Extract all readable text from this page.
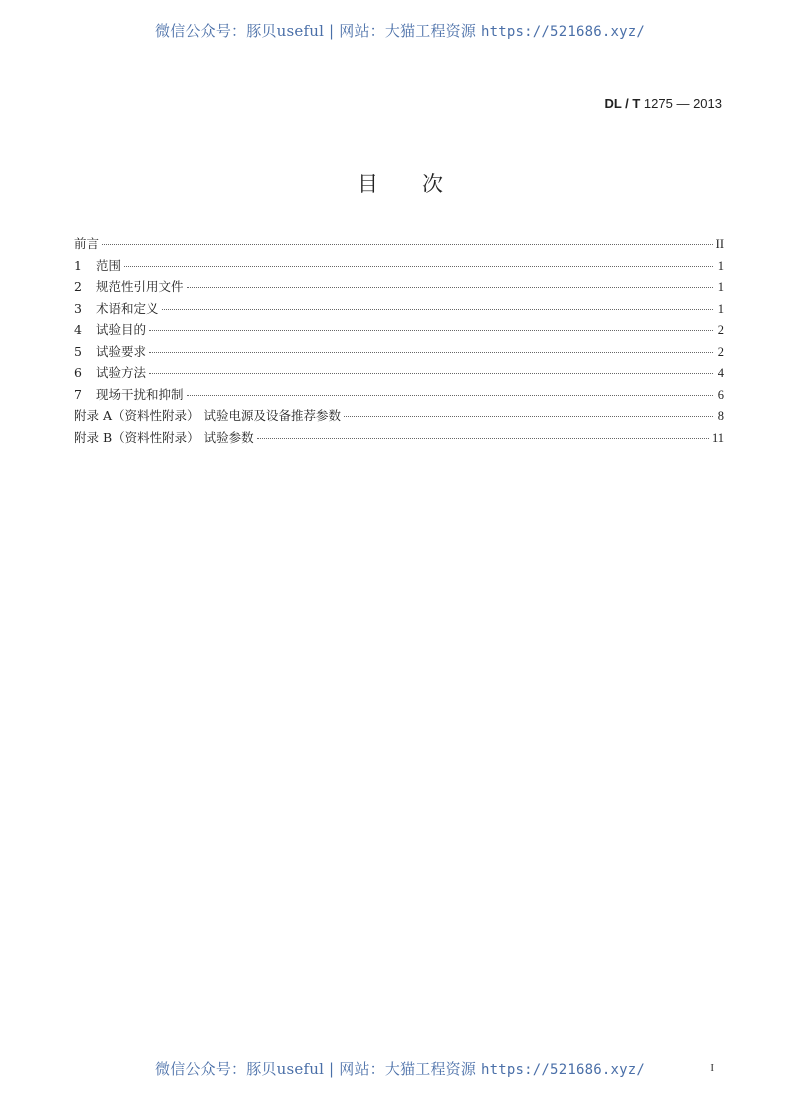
微信公众号：豚贝useful | 网站：大猫工程资源 https://521686.xyz/
DL / T 1275 — 2013
目次
前言	II
1	范围	1
2	规范性引用文件	1
3	术语和定义	1
4	试验目的	2
5	试验要求	2
6	试验方法	4
7	现场干扰和抑制	6
附录 A（资料性附录） 试验电源及设备推荐参数	8
附录 B（资料性附录） 试验参数	11
微信公众号：豚贝useful | 网站：大猫工程资源 https://521686.xyz/	I
